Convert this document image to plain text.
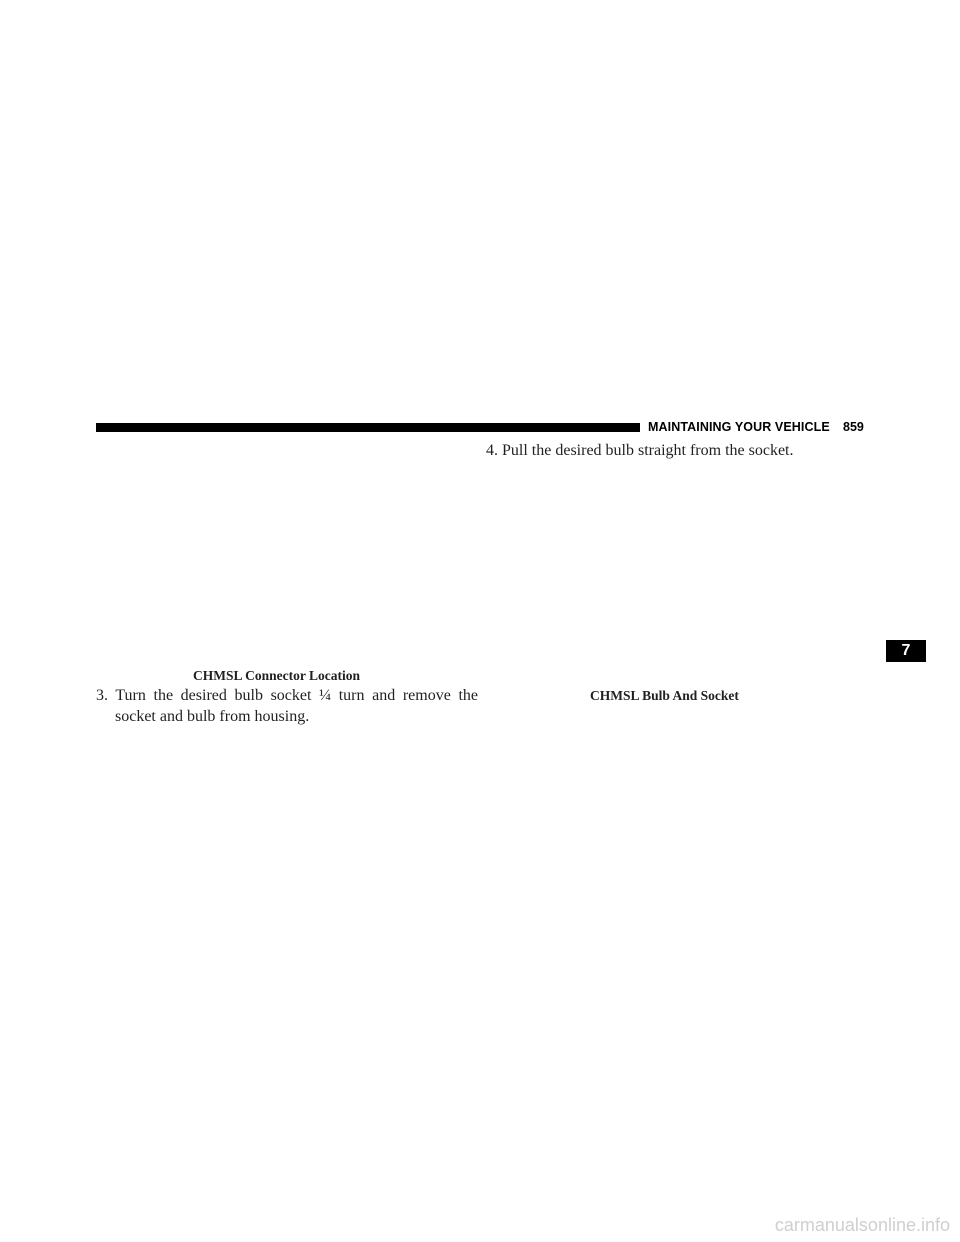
MAINTAINING YOUR VEHICLE 859
CHMSL Connector Location
3. Turn the desired bulb socket ¼ turn and remove the
socket and bulb from housing.
4. Pull the desired bulb straight from the socket.
CHMSL Bulb And Socket
7
carmanualsonline.info
